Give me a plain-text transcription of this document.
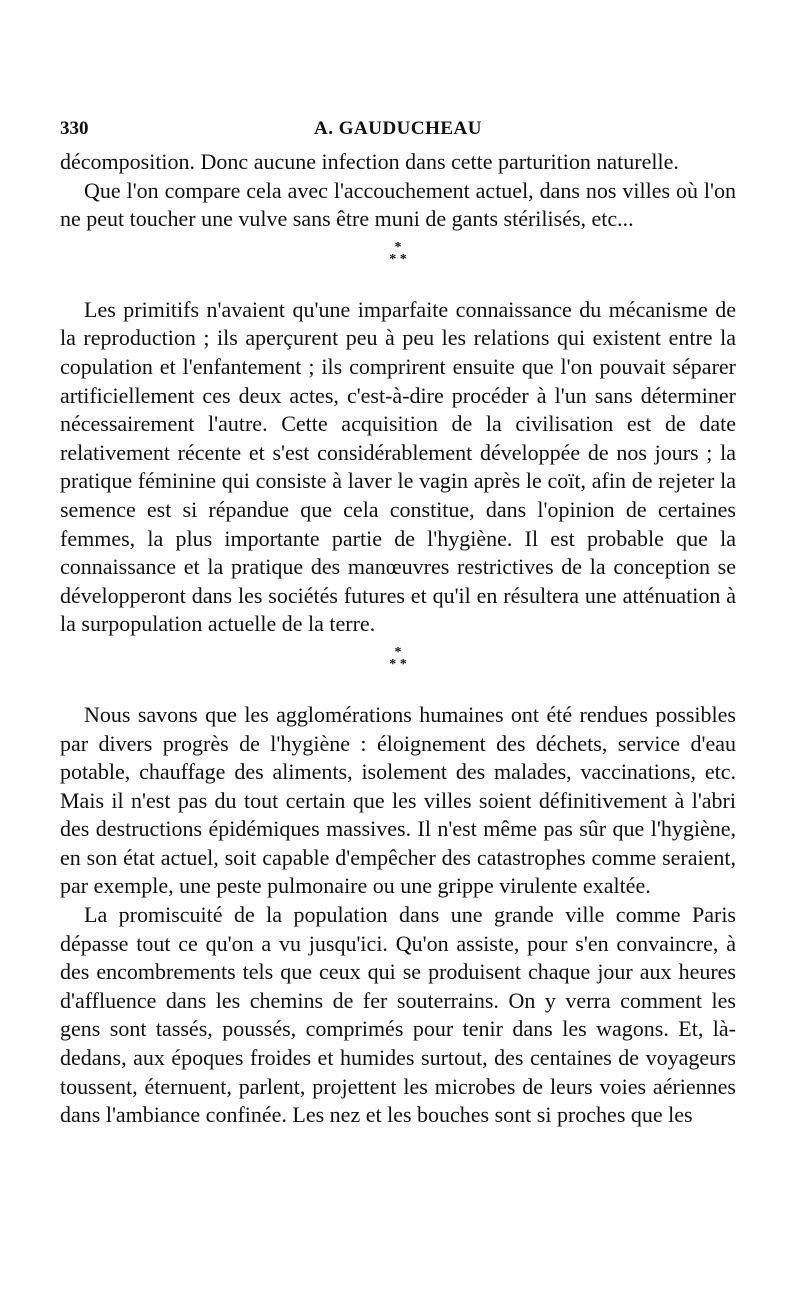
330	A. GAUDUCHEAU

décomposition. Donc aucune infection dans cette parturition naturelle.

Que l'on compare cela avec l'accouchement actuel, dans nos villes où l'on ne peut toucher une vulve sans être muni de gants stérilisés, etc...

*
* *

Les primitifs n'avaient qu'une imparfaite connaissance du mécanisme de la reproduction ; ils aperçurent peu à peu les relations qui existent entre la copulation et l'enfantement ; ils comprirent ensuite que l'on pouvait séparer artificiellement ces deux actes, c'est-à-dire procéder à l'un sans déterminer nécessairement l'autre. Cette acquisition de la civilisation est de date relativement récente et s'est considérablement développée de nos jours ; la pratique féminine qui consiste à laver le vagin après le coït, afin de rejeter la semence est si répandue que cela constitue, dans l'opinion de certaines femmes, la plus importante partie de l'hygiène. Il est probable que la connaissance et la pratique des manœuvres restrictives de la conception se développeront dans les sociétés futures et qu'il en résultera une atténuation à la surpopulation actuelle de la terre.

*
* *

Nous savons que les agglomérations humaines ont été rendues possibles par divers progrès de l'hygiène : éloignement des déchets, service d'eau potable, chauffage des aliments, isolement des malades, vaccinations, etc. Mais il n'est pas du tout certain que les villes soient définitivement à l'abri des destructions épidémiques massives. Il n'est même pas sûr que l'hygiène, en son état actuel, soit capable d'empêcher des catastrophes comme seraient, par exemple, une peste pulmonaire ou une grippe virulente exaltée.

La promiscuité de la population dans une grande ville comme Paris dépasse tout ce qu'on a vu jusqu'ici. Qu'on assiste, pour s'en convaincre, à des encombrements tels que ceux qui se produisent chaque jour aux heures d'affluence dans les chemins de fer souterrains. On y verra comment les gens sont tassés, poussés, comprimés pour tenir dans les wagons. Et, là-dedans, aux époques froides et humides surtout, des centaines de voyageurs toussent, éternuent, parlent, projettent les microbes de leurs voies aériennes dans l'ambiance confinée. Les nez et les bouches sont si proches que les
